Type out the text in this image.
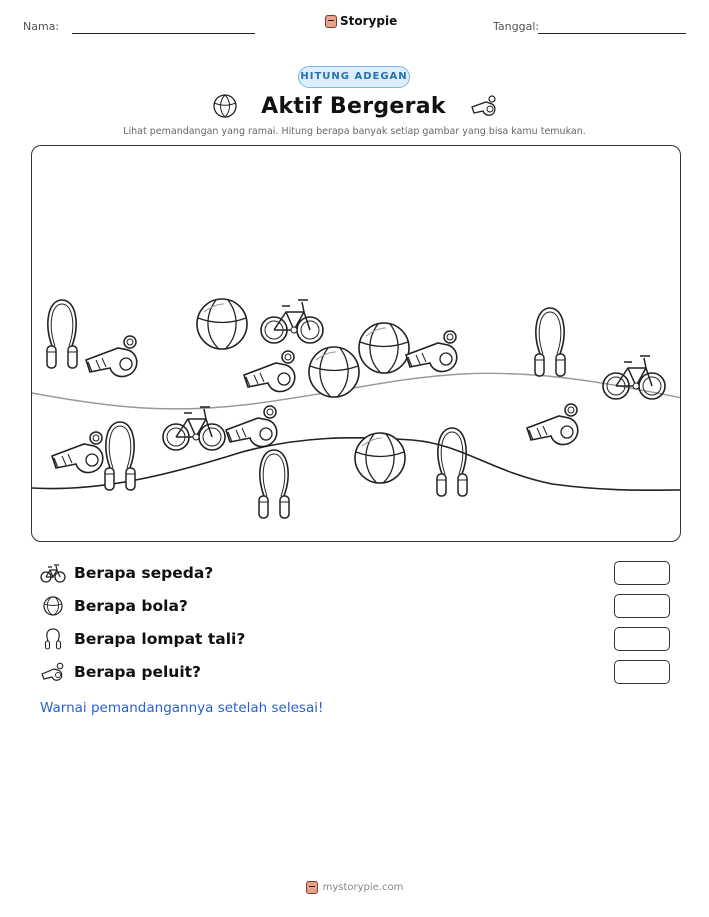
Nama:	Storypie	Tanggal:
HITUNG ADEGAN
Aktif Bergerak
Lihat pemandangan yang ramai. Hitung berapa banyak setiap gambar yang bisa kamu temukan.
Berapa sepeda?
Berapa bola?
Berapa lompat tali?
Berapa peluit?
Warnai pemandangannya setelah selesai!
mystorypie.com
